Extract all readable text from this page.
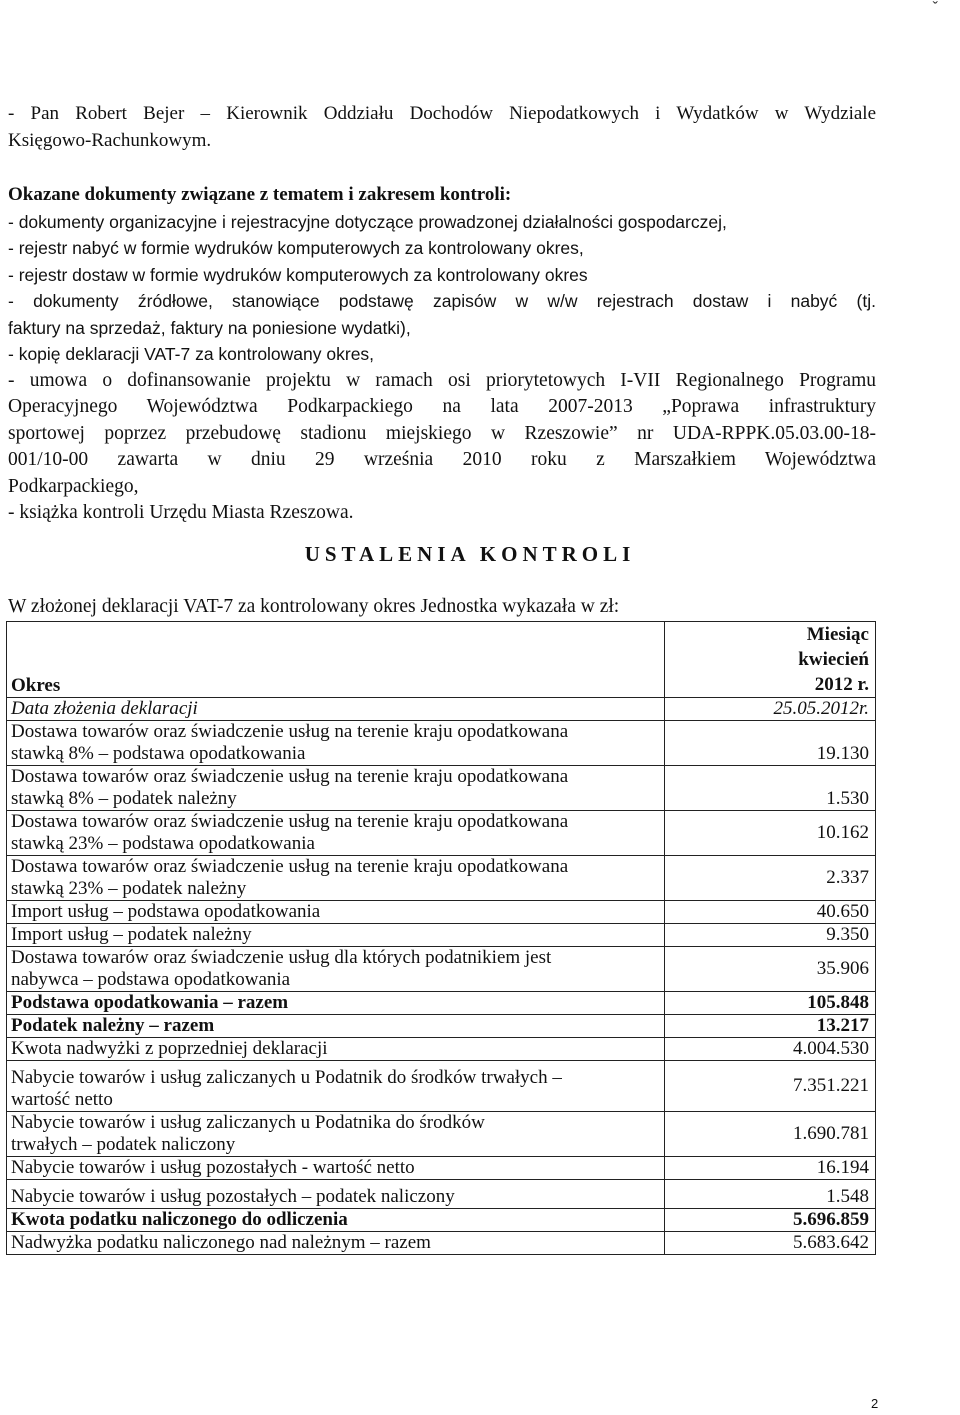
ˇ

- Pan Robert Bejer – Kierownik Oddziału Dochodów Niepodatkowych i Wydatków w Wydziale

Księgowo-Rachunkowym.

Okazane dokumenty związane z tematem i zakresem kontroli:

- dokumenty organizacyjne i rejestracyjne dotyczące prowadzonej działalności gospodarczej,

- rejestr nabyć w formie wydruków komputerowych za kontrolowany okres,

- rejestr dostaw w formie wydruków komputerowych za kontrolowany okres

- dokumenty źródłowe, stanowiące podstawę zapisów w w/w rejestrach dostaw i nabyć (tj.

faktury na sprzedaż, faktury na poniesione wydatki),

- kopię deklaracji VAT-7 za kontrolowany okres,

- umowa o dofinansowanie projektu w ramach osi priorytetowych I-VII Regionalnego Programu

Operacyjnego Województwa Podkarpackiego na lata 2007-2013 „Poprawa infrastruktury

sportowej poprzez przebudowę stadionu miejskiego w Rzeszowie” nr UDA-RPPK.05.03.00-18-

001/10-00 zawarta w dniu 29 września 2010 roku z Marszałkiem Województwa

Podkarpackiego,

- książka kontroli Urzędu Miasta Rzeszowa.

USTALENIA KONTROLI
W złożonej deklaracji VAT-7 za kontrolowany okres Jednostka wykazała w zł:
Okres	Miesiąc
kwiecień
2012 r.

Data złożenia deklaracji	25.05.2012r.

Dostawa towarów oraz świadczenie usług na terenie kraju opodatkowana
stawką 8% – podstawa opodatkowania	19.130

Dostawa towarów oraz świadczenie usług na terenie kraju opodatkowana
stawką 8% – podatek należny	1.530

Dostawa towarów oraz świadczenie usług na terenie kraju opodatkowana
stawką 23% – podstawa opodatkowania	10.162

Dostawa towarów oraz świadczenie usług na terenie kraju opodatkowana
stawką 23% – podatek należny	2.337
Import usług – podstawa opodatkowania	40.650
Import usług – podatek należny	9.350

Dostawa towarów oraz świadczenie usług dla których podatnikiem jest
nabywca – podstawa opodatkowania	35.906
Podstawa opodatkowania – razem	105.848
Podatek należny – razem	13.217
Kwota nadwyżki z poprzedniej deklaracji	4.004.530

Nabycie towarów i usług zaliczanych u Podatnik do środków trwałych –
wartość netto	7.351.221

Nabycie towarów i usług zaliczanych u Podatnika do środków
trwałych – podatek naliczony	1.690.781
Nabycie towarów i usług pozostałych - wartość netto	16.194
Nabycie towarów i usług pozostałych – podatek naliczony	1.548
Kwota podatku naliczonego do odliczenia	5.696.859
Nadwyżka podatku naliczonego nad należnym – razem	5.683.642
2
